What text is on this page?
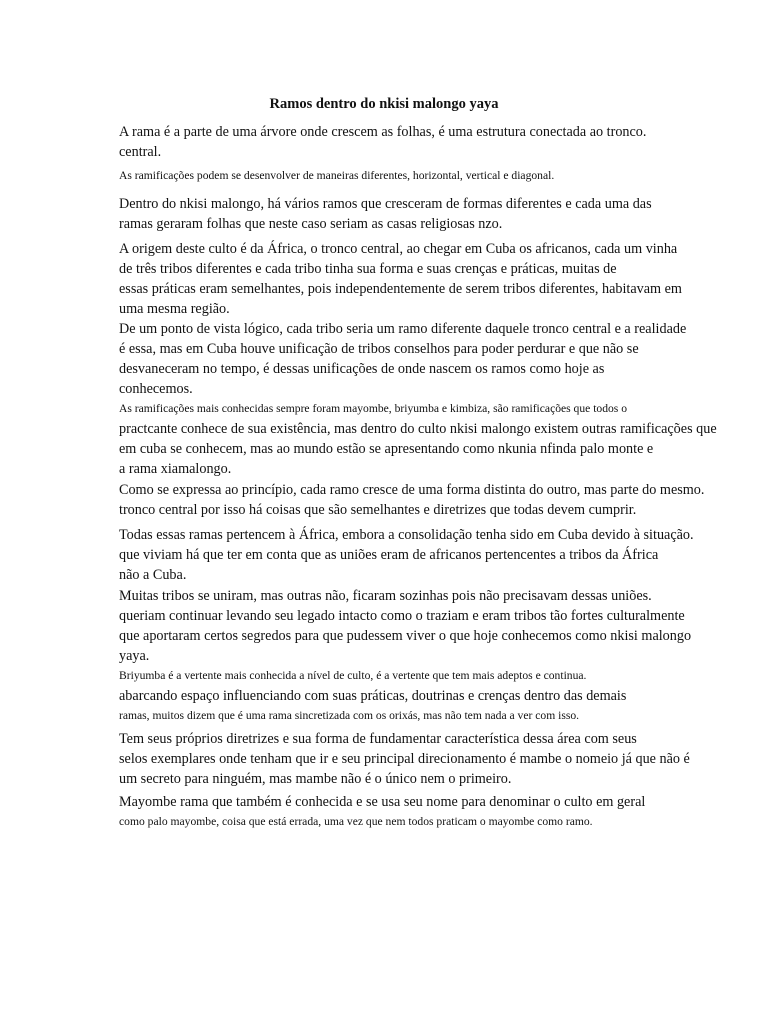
Ramos dentro do nkisi malongo yaya
A rama é a parte de uma árvore onde crescem as folhas, é uma estrutura conectada ao tronco.
central.
As ramificações podem se desenvolver de maneiras diferentes, horizontal, vertical e diagonal.
Dentro do nkisi malongo, há vários ramos que cresceram de formas diferentes e cada uma das
ramas geraram folhas que neste caso seriam as casas religiosas nzo.
A origem deste culto é da África, o tronco central, ao chegar em Cuba os africanos, cada um vinha
de três tribos diferentes e cada tribo tinha sua forma e suas crenças e práticas, muitas de
essas práticas eram semelhantes, pois independentemente de serem tribos diferentes, habitavam em
uma mesma região.
De um ponto de vista lógico, cada tribo seria um ramo diferente daquele tronco central e a realidade
é essa, mas em Cuba houve unificação de tribos conselhos para poder perdurar e que não se
desvaneceram no tempo, é dessas unificações de onde nascem os ramos como hoje as
conhecemos.
As ramificações mais conhecidas sempre foram mayombe, briyumba e kimbiza, são ramificações que todos o
practcante conhece de sua existência, mas dentro do culto nkisi malongo existem outras ramificações que
em cuba se conhecem, mas ao mundo estão se apresentando como nkunia nfinda palo monte e
a rama xiamalongo.
Como se expressa ao princípio, cada ramo cresce de uma forma distinta do outro, mas parte do mesmo.
tronco central por isso há coisas que são semelhantes e diretrizes que todas devem cumprir.
Todas essas ramas pertencem à África, embora a consolidação tenha sido em Cuba devido à situação.
que viviam há que ter em conta que as uniões eram de africanos pertencentes a tribos da África
não a Cuba.
Muitas tribos se uniram, mas outras não, ficaram sozinhas pois não precisavam dessas uniões.
queriam continuar levando seu legado intacto como o traziam e eram tribos tão fortes culturalmente
que aportaram certos segredos para que pudessem viver o que hoje conhecemos como nkisi malongo
yaya.
Briyumba é a vertente mais conhecida a nível de culto, é a vertente que tem mais adeptos e continua.
abarcando espaço influenciando com suas práticas, doutrinas e crenças dentro das demais
ramas, muitos dizem que é uma rama sincretizada com os orixás, mas não tem nada a ver com isso.
Tem seus próprios diretrizes e sua forma de fundamentar característica dessa área com seus
selos exemplares onde tenham que ir e seu principal direcionamento é mambe o nomeio já que não é
um secreto para ninguém, mas mambe não é o único nem o primeiro.
Mayombe rama que também é conhecida e se usa seu nome para denominar o culto em geral
como palo mayombe, coisa que está errada, uma vez que nem todos praticam o mayombe como ramo.
